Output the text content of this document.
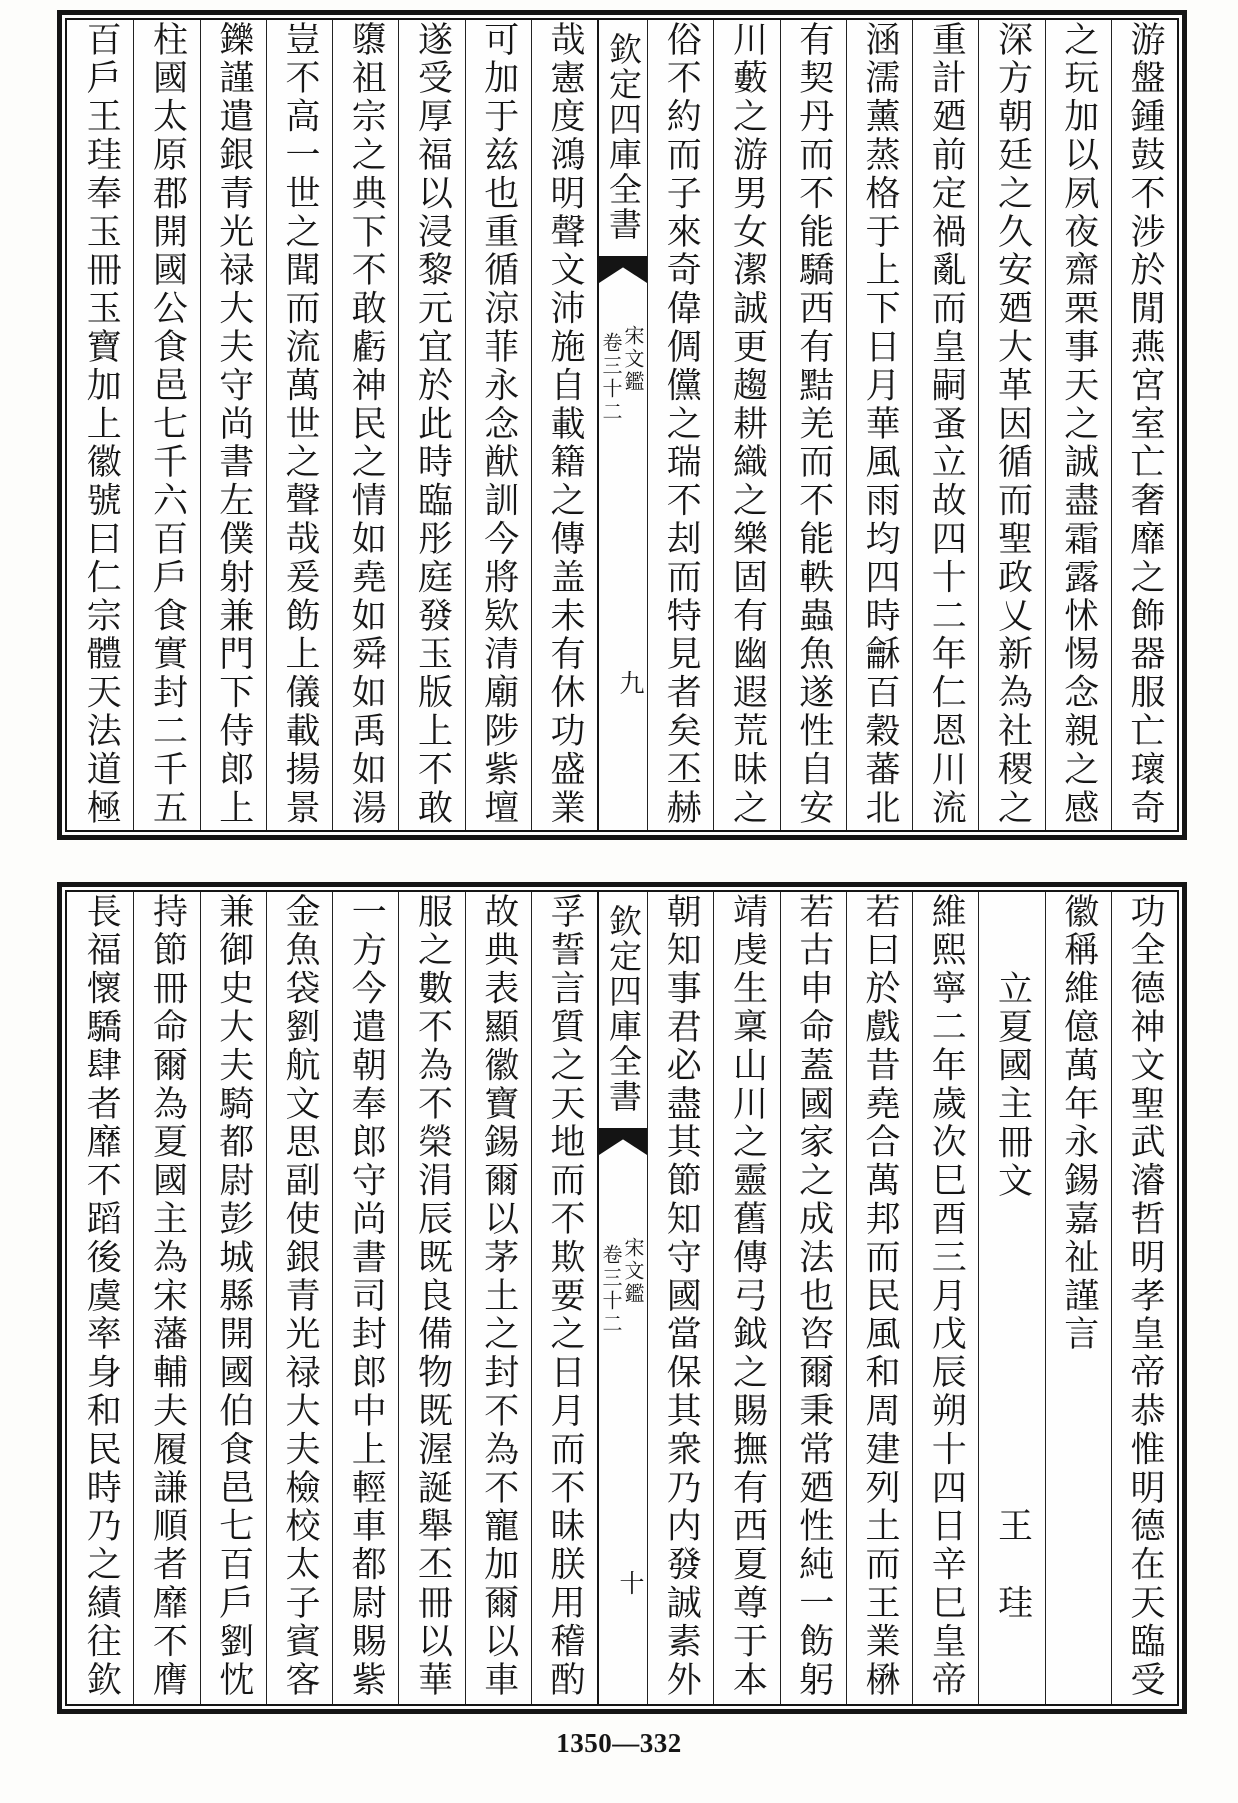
游盤鍾鼓不涉於閒燕宮室亡奢靡之飾器服亡瓌奇
之玩加以夙夜齋栗事天之誠盡霜露怵惕念親之感
深方朝廷之久安廼大革因循而聖政乂新為社稷之
重計廼前定禍亂而皇嗣蚤立故四十二年仁恩川流
涵濡薰蒸格于上下日月華風雨均四時龢百穀蕃北
有契丹而不能驕西有黠羌而不能軼蟲魚遂性自安
川藪之游男女潔誠更趨耕織之樂固有幽遐荒昧之
俗不約而子來奇偉倜儻之瑞不刦而特見者矣丕赫
欽定四庫全書
宋文鑑
卷三十二
九
哉憲度鴻明聲文沛施自載籍之傳盖未有休功盛業
可加于兹也重循涼菲永念猷訓今將欵清廟陟紫壇
遂受厚福以浸黎元宜於此時臨彤庭發玉版上不敢
隳祖宗之典下不敢虧神民之情如堯如舜如禹如湯
豈不高一世之聞而流萬世之聲哉爰飭上儀載揚景
鑠謹遣銀青光禄大夫守尚書左僕射兼門下侍郎上
柱國太原郡開國公食邑七千六百戶食實封二千五
百戶王珪奉玉冊玉寶加上徽號曰仁宗體天法道極
功全德神文聖武濬哲明孝皇帝恭惟明德在天臨受
徽稱維億萬年永錫嘉祉謹言
立夏國主冊文
王
珪
維熙寧二年歲次巳酉三月戊辰朔十四日辛巳皇帝
若曰於戲昔堯合萬邦而民風和周建列土而王業楙
若古申命蓋國家之成法也咨爾秉常廼性純一飭躬
靖虔生稟山川之靈舊傳弓鉞之賜撫有西夏尊于本
朝知事君必盡其節知守國當保其衆乃内發誠素外
欽定四庫全書
宋文鑑
卷三十二
十
孚誓言質之天地而不欺要之日月而不昧朕用稽酌
故典表顯徽寶錫爾以茅土之封不為不寵加爾以車
服之數不為不榮涓辰既良備物既渥誕舉丕冊以華
一方今遣朝奉郎守尚書司封郎中上輕車都尉賜紫
金魚袋劉航文思副使銀青光禄大夫檢校太子賓客
兼御史大夫騎都尉彭城縣開國伯食邑七百戶劉忱
持節冊命爾為夏國主為宋藩輔夫履謙順者靡不膺
長福懷驕肆者靡不蹈後虞率身和民時乃之績往欽
1350—332
